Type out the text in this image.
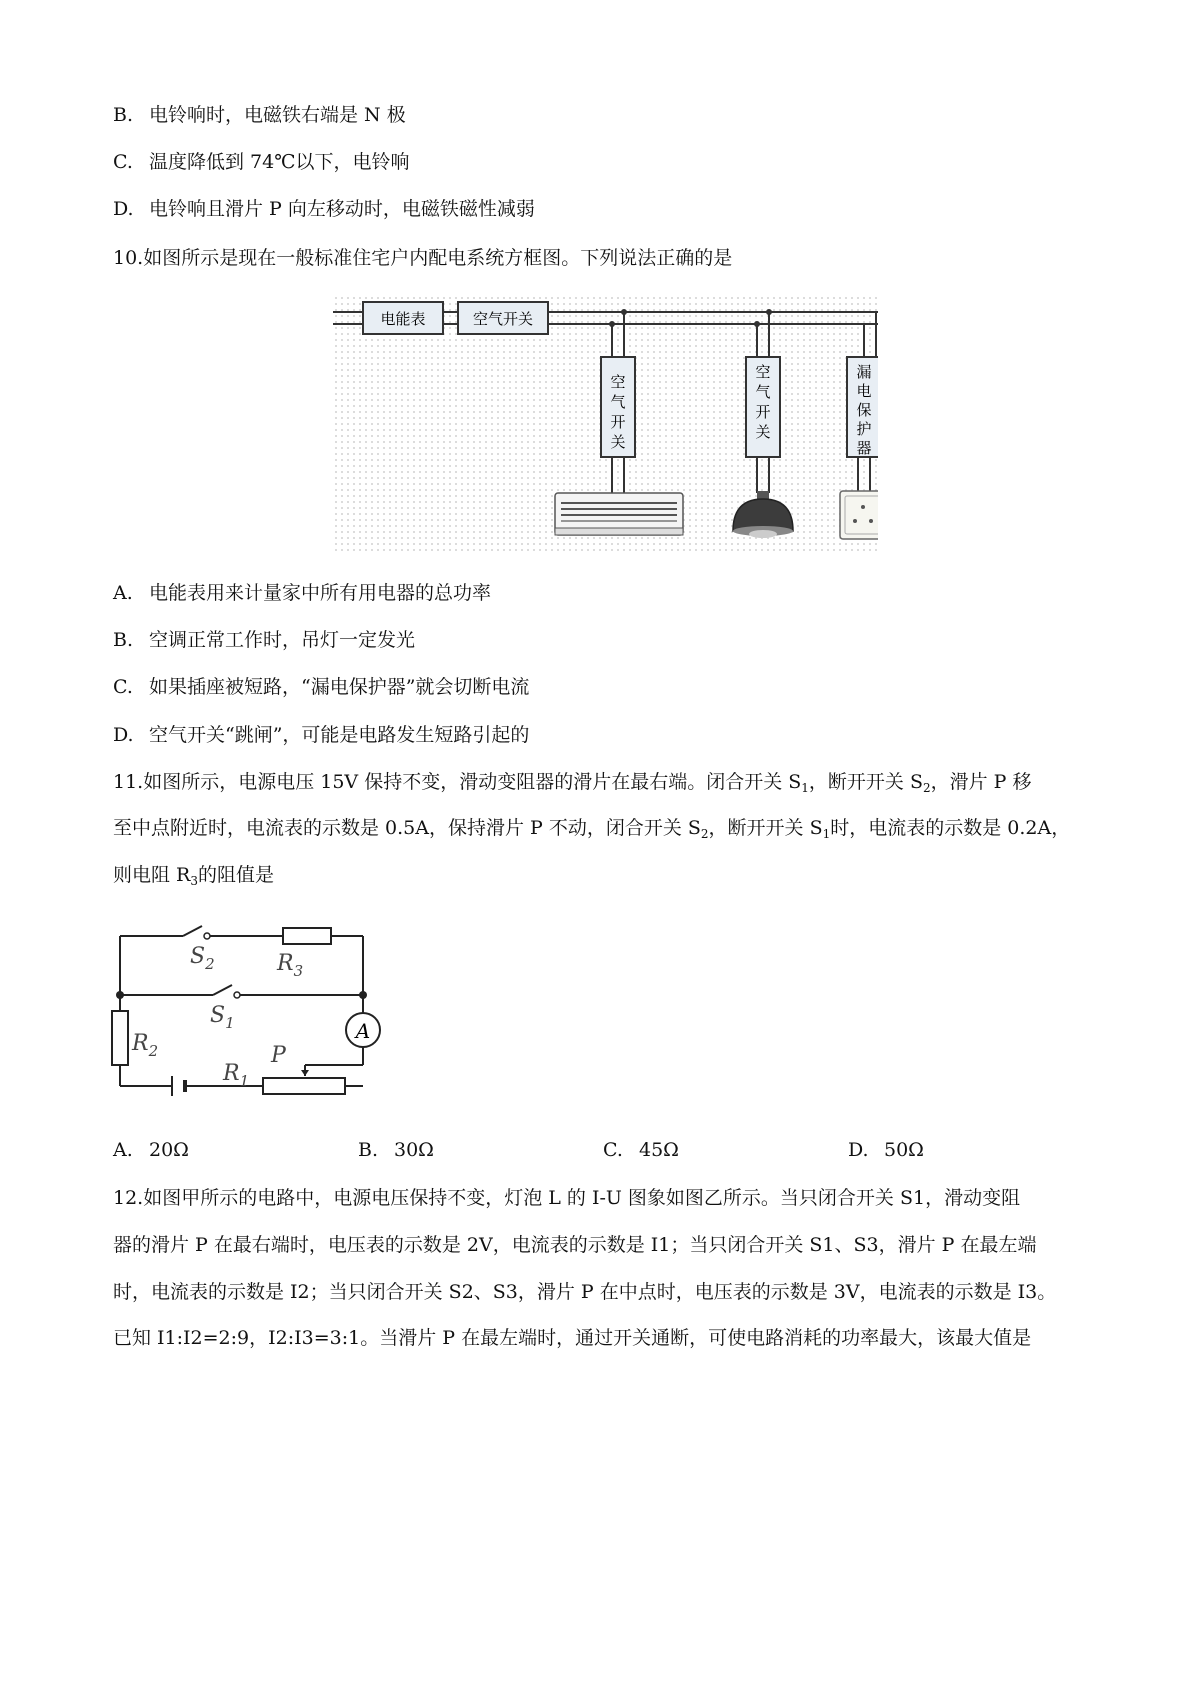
B. 电铃响时，电磁铁右端是 N 极
C. 温度降低到 74℃以下，电铃响
D. 电铃响且滑片 P 向左移动时，电磁铁磁性减弱
10.如图所示是现在一般标准住宅户内配电系统方框图。下列说法正确的是
电能表	空气开关
空
气
开
关
空
气
开
关
漏
电
保
护
器
A. 电能表用来计量家中所有用电器的总功率
B. 空调正常工作时，吊灯一定发光
C. 如果插座被短路，“漏电保护器”就会切断电流
D. 空气开关“跳闸”，可能是电路发生短路引起的
11.如图所示，电源电压 15V 保持不变，滑动变阻器的滑片在最右端。闭合开关 $S_1$，断开开关 $S_2$，滑片 P 移
至中点附近时，电流表的示数是 0.5A，保持滑片 P 不动，闭合开关 $S_2$，断开开关 $S_1$时，电流表的示数是 0.2A，
则电阻 $R_3$的阻值是
A
$S_2$	$R_3$
$S_1$
$R_2$	P
$R_1$
A. 20Ω	B. 30Ω	C. 45Ω	D. 50Ω
12.如图甲所示的电路中，电源电压保持不变，灯泡 L 的 I-U 图象如图乙所示。当只闭合开关 S1，滑动变阻
器的滑片 P 在最右端时，电压表的示数是 2V，电流表的示数是 I1；当只闭合开关 S1、S3，滑片 P 在最左端
时，电流表的示数是 I2；当只闭合开关 S2、S3，滑片 P 在中点时，电压表的示数是 3V，电流表的示数是 I3。
已知 I1:I2=2:9，I2:I3=3:1。当滑片 P 在最左端时，通过开关通断，可使电路消耗的功率最大，该最大值是
